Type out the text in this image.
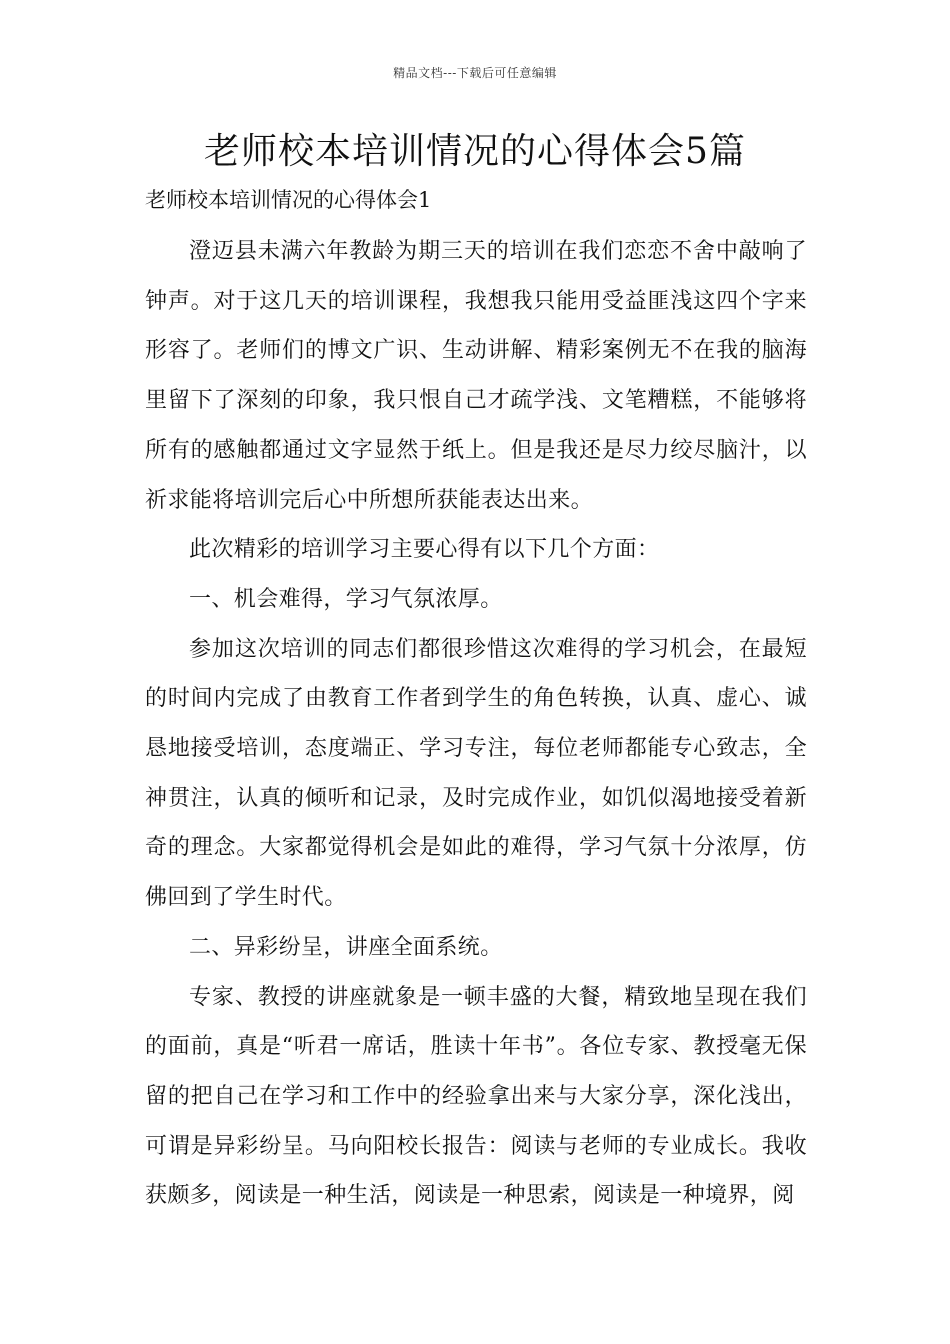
精品文档---下载后可任意编辑
老师校本培训情况的心得体会5篇

老师校本培训情况的心得体会1

澄迈县未满六年教龄为期三天的培训在我们恋恋不舍中敲响了钟声。对于这几天的培训课程，我想我只能用受益匪浅这四个字来形容了。老师们的博文广识、生动讲解、精彩案例无不在我的脑海里留下了深刻的印象，我只恨自己才疏学浅、文笔糟糕，不能够将所有的感触都通过文字显然于纸上。但是我还是尽力绞尽脑汁，以祈求能将培训完后心中所想所获能表达出来。

此次精彩的培训学习主要心得有以下几个方面：

一、机会难得，学习气氛浓厚。

参加这次培训的同志们都很珍惜这次难得的学习机会，在最短的时间内完成了由教育工作者到学生的角色转换，认真、虚心、诚恳地接受培训，态度端正、学习专注，每位老师都能专心致志，全神贯注，认真的倾听和记录，及时完成作业，如饥似渴地接受着新奇的理念。大家都觉得机会是如此的难得，学习气氛十分浓厚，仿佛回到了学生时代。

二、异彩纷呈，讲座全面系统。

专家、教授的讲座就象是一顿丰盛的大餐，精致地呈现在我们的面前，真是“听君一席话，胜读十年书”。各位专家、教授毫无保留的把自己在学习和工作中的经验拿出来与大家分享，深化浅出，可谓是异彩纷呈。马向阳校长报告：阅读与老师的专业成长。我收获颇多，阅读是一种生活，阅读是一种思索，阅读是一种境界，阅
